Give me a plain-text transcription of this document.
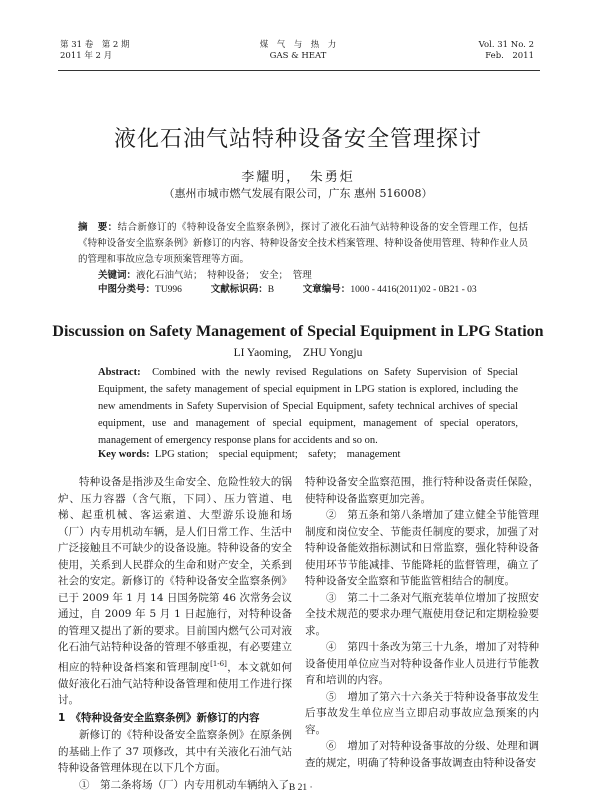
第 31 卷　第 2 期
2011 年 2 月
煤　气　与　热　力
GAS & HEAT
Vol. 31 No. 2
Feb.　2011
液化石油气站特种设备安全管理探讨
李耀明，　朱勇炬
（惠州市城市燃气发展有限公司，广东 惠州 516008）
摘　要：结合新修订的《特种设备安全监察条例》，探讨了液化石油气站特种设备的安全管理工作，包括《特种设备安全监察条例》新修订的内容、特种设备安全技术档案管理、特种设备使用管理、特种作业人员的管理和事故应急专项预案管理等方面。
关键词：液化石油气站；　特种设备；　安全；　管理
中图分类号：TU996	文献标识码：B	文章编号：1000 - 4416(2011)02 - 0B21 - 03
Discussion on Safety Management of Special Equipment in LPG Station
LI Yaoming,　ZHU Yongju
Abstract: Combined with the newly revised Regulations on Safety Supervision of Special Equipment, the safety management of special equipment in LPG station is explored, including the new amendments in Safety Supervision of Special Equipment, safety technical archives of special equipment, use and management of special equipment, management of special operators, management of emergency response plans for accidents and so on.
Key words: LPG station;　special equipment;　safety;　management

特种设备是指涉及生命安全、危险性较大的锅炉、压力容器（含气瓶，下同）、压力管道、电梯、起重机械、客运索道、大型游乐设施和场（厂）内专用机动车辆，是人们日常工作、生活中广泛接触且不可缺少的设备设施。特种设备的安全使用，关系到人民群众的生命和财产安全，关系到社会的安定。新修订的《特种设备安全监察条例》已于 2009 年 1 月 14 日国务院第 46 次常务会议通过，自 2009 年 5 月 1 日起施行，对特种设备的管理又提出了新的要求。目前国内燃气公司对液化石油气站特种设备的管理不够重视，有必要建立相应的特种设备档案和管理制度[1-6]，本文就如何做好液化石油气站特种设备管理和使用工作进行探讨。

1　《特种设备安全监察条例》新修订的内容

新修订的《特种设备安全监察条例》在原条例的基础上作了 37 项修改，其中有关液化石油气站特种设备管理体现在以下几个方面。

①　第二条将场（厂）内专用机动车辆纳入了

特种设备安全监察范围，推行特种设备责任保险，使特种设备监察更加完善。

②　第五条和第八条增加了建立健全节能管理制度和岗位安全、节能责任制度的要求，加强了对特种设备能效指标测试和日常监察，强化特种设备使用环节节能减排、节能降耗的监督管理，确立了特种设备安全监察和节能监管相结合的制度。

③　第二十二条对气瓶充装单位增加了按照安全技术规范的要求办理气瓶使用登记和定期检验要求。

④　第四十条改为第三十九条，增加了对特种设备使用单位应当对特种设备作业人员进行节能教育和培训的内容。

⑤　增加了第六十六条关于特种设备事故发生后事故发生单位应当立即启动事故应急预案的内容。

⑥　增加了对特种设备事故的分级、处理和调查的规定，明确了特种设备事故调查由特种设备安

· B 21 ·
